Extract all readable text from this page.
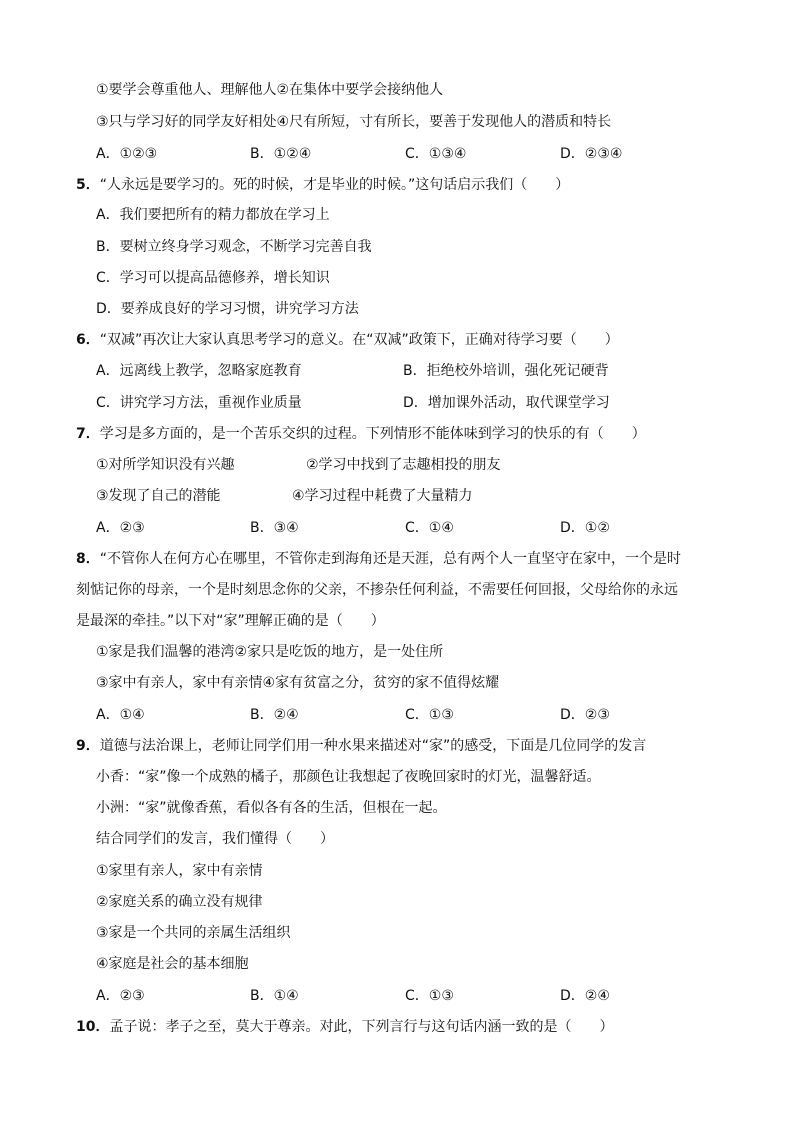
①要学会尊重他人、理解他人②在集体中要学会接纳他人
③只与学习好的同学友好相处④尺有所短，寸有所长，要善于发现他人的潜质和特长
A．①②③	B．①②④	C．①③④	D．②③④
5．“人永远是要学习的。死的时候，才是毕业的时候。”这句话启示我们（　　）
A．我们要把所有的精力都放在学习上
B．要树立终身学习观念，不断学习完善自我
C．学习可以提高品德修养，增长知识
D．要养成良好的学习习惯，讲究学习方法
6．“双减”再次让大家认真思考学习的意义。在“双减”政策下，正确对待学习要（　　）
A．远离线上教学，忽略家庭教育	B．拒绝校外培训，强化死记硬背
C．讲究学习方法，重视作业质量	D．增加课外活动，取代课堂学习
7．学习是多方面的，是一个苦乐交织的过程。下列情形不能体味到学习的快乐的有（　　）
①对所学知识没有兴趣	②学习中找到了志趣相投的朋友
③发现了自己的潜能	④学习过程中耗费了大量精力
A．②③	B．③④	C．①④	D．①②
8．“不管你人在何方心在哪里，不管你走到海角还是天涯，总有两个人一直坚守在家中，一个是时
刻惦记你的母亲，一个是时刻思念你的父亲，不掺杂任何利益，不需要任何回报，父母给你的永远
是最深的牵挂。”以下对“家”理解正确的是（　　）
①家是我们温馨的港湾②家只是吃饭的地方，是一处住所
③家中有亲人，家中有亲情④家有贫富之分，贫穷的家不值得炫耀
A．①④	B．②④	C．①③	D．②③
9．道德与法治课上，老师让同学们用一种水果来描述对“家”的感受，下面是几位同学的发言
小香：“家”像一个成熟的橘子，那颜色让我想起了夜晚回家时的灯光，温馨舒适。
小洲：“家”就像香蕉，看似各有各的生活，但根在一起。
结合同学们的发言，我们懂得（　　）
①家里有亲人，家中有亲情
②家庭关系的确立没有规律
③家是一个共同的亲属生活组织
④家庭是社会的基本细胞
A．②③	B．①④	C．①③	D．②④
10．孟子说：孝子之至，莫大于尊亲。对此，下列言行与这句话内涵一致的是（　　）
